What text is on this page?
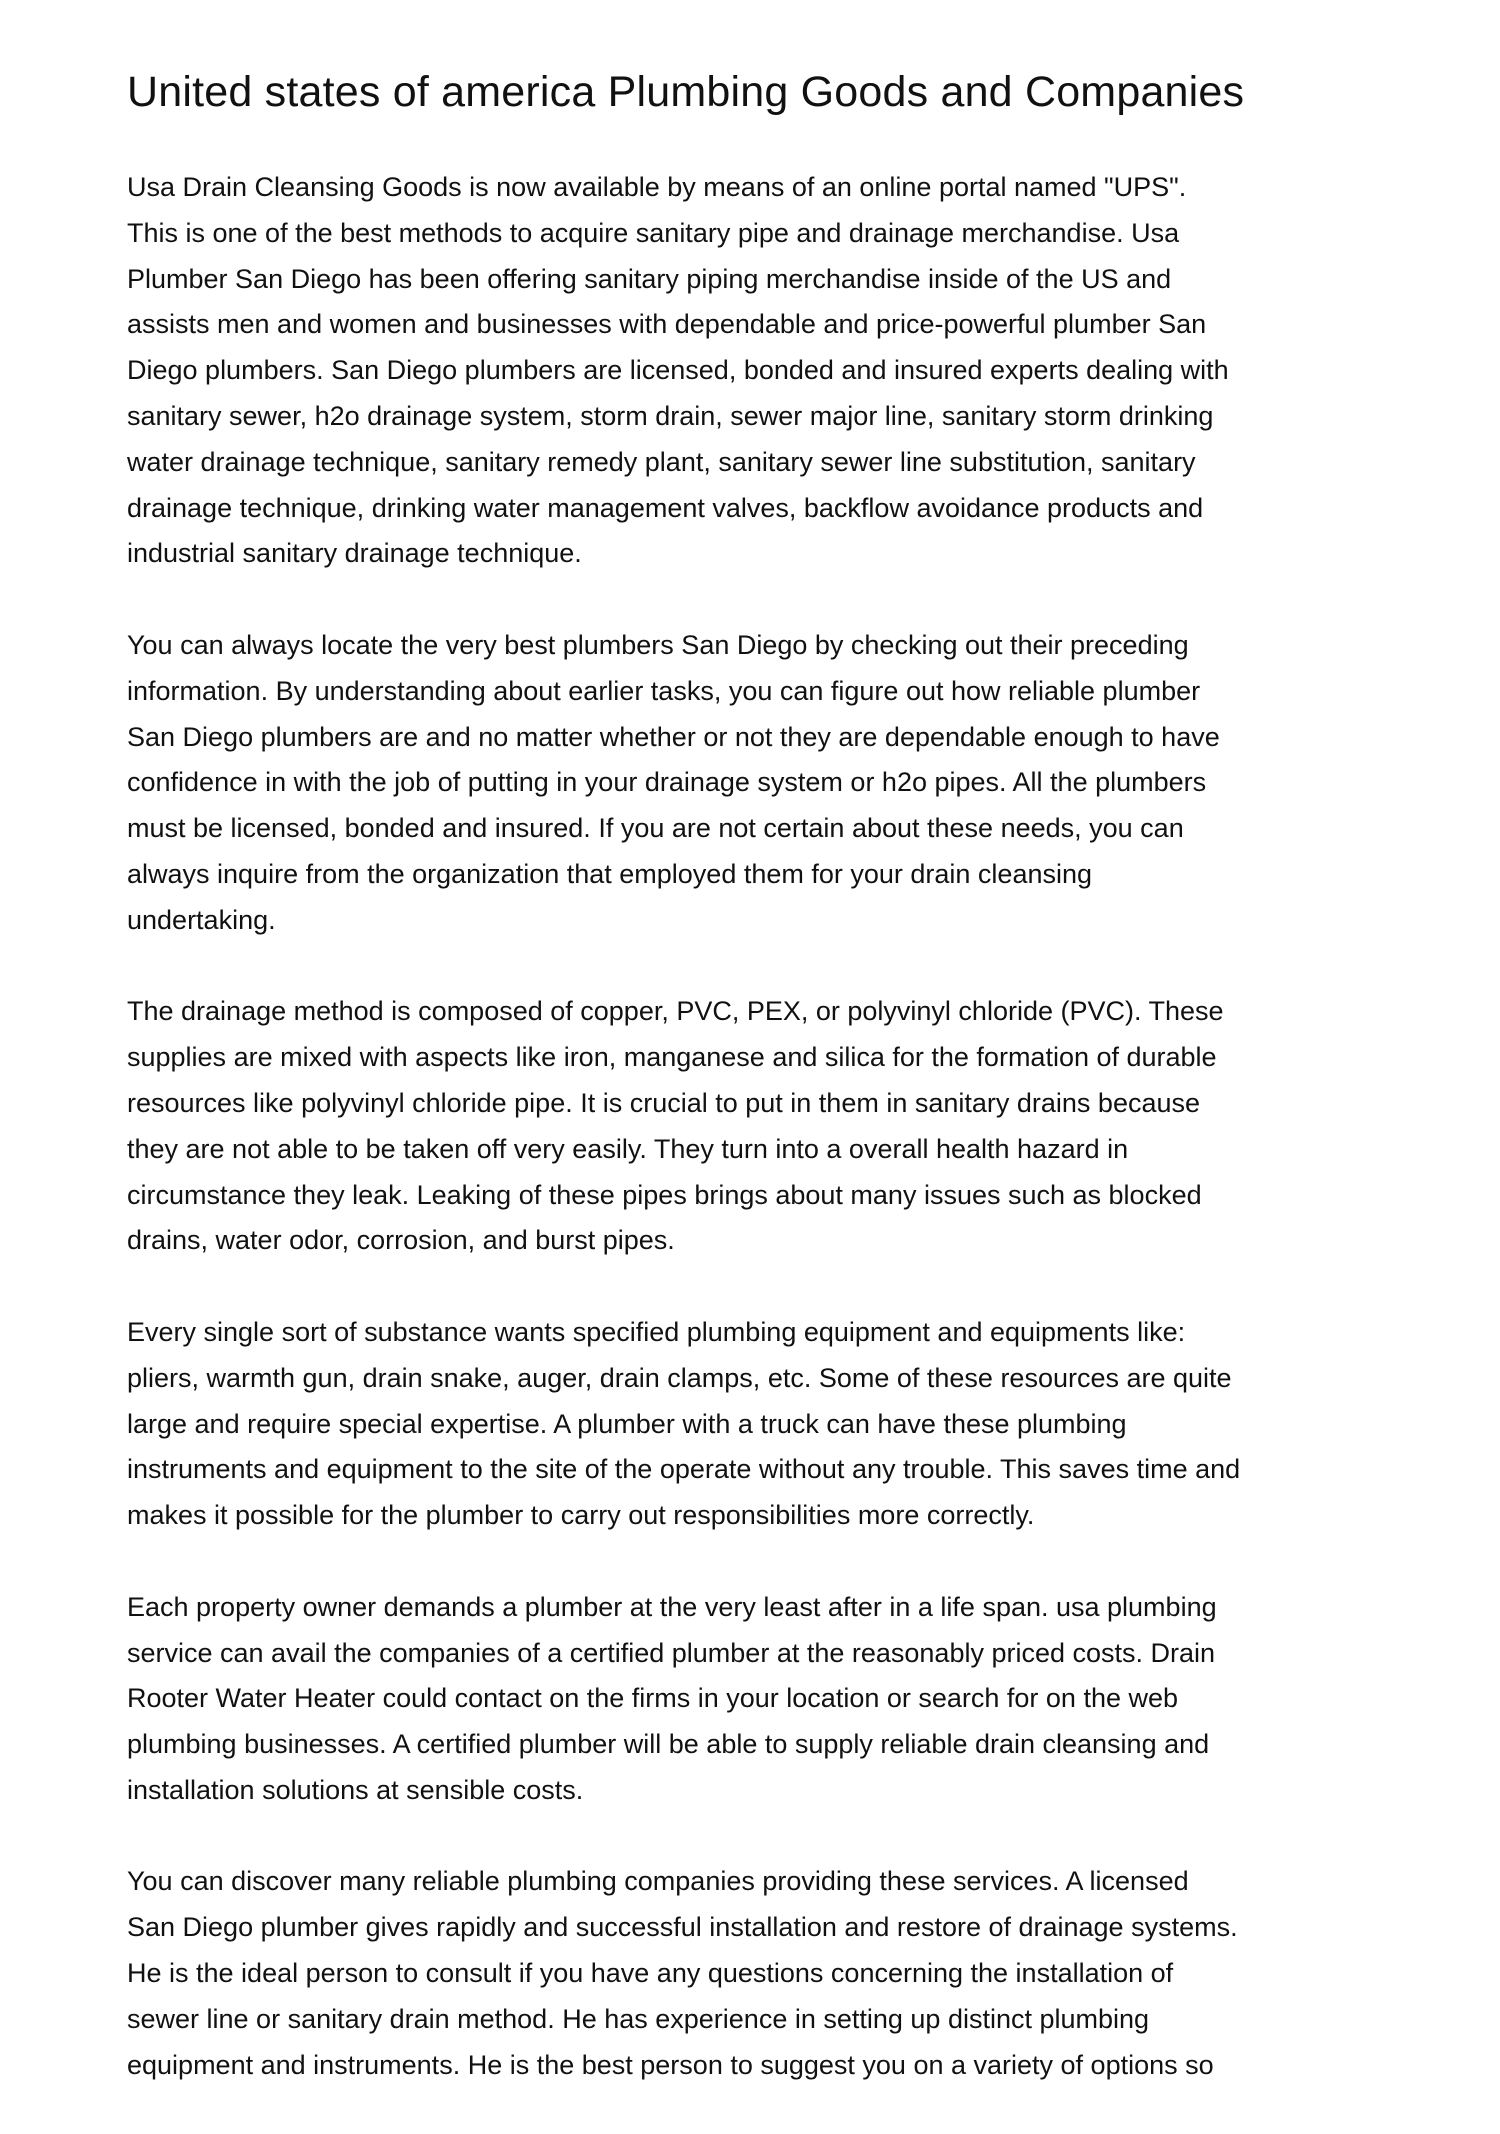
United states of america Plumbing Goods and Companies

Usa Drain Cleansing Goods is now available by means of an online portal named "UPS".
This is one of the best methods to acquire sanitary pipe and drainage merchandise. Usa
Plumber San Diego has been offering sanitary piping merchandise inside of the US and
assists men and women and businesses with dependable and price-powerful plumber San
Diego plumbers. San Diego plumbers are licensed, bonded and insured experts dealing with
sanitary sewer, h2o drainage system, storm drain, sewer major line, sanitary storm drinking
water drainage technique, sanitary remedy plant, sanitary sewer line substitution, sanitary
drainage technique, drinking water management valves, backflow avoidance products and
industrial sanitary drainage technique.

You can always locate the very best plumbers San Diego by checking out their preceding
information. By understanding about earlier tasks, you can figure out how reliable plumber
San Diego plumbers are and no matter whether or not they are dependable enough to have
confidence in with the job of putting in your drainage system or h2o pipes. All the plumbers
must be licensed, bonded and insured. If you are not certain about these needs, you can
always inquire from the organization that employed them for your drain cleansing
undertaking.

The drainage method is composed of copper, PVC, PEX, or polyvinyl chloride (PVC). These
supplies are mixed with aspects like iron, manganese and silica for the formation of durable
resources like polyvinyl chloride pipe. It is crucial to put in them in sanitary drains because
they are not able to be taken off very easily. They turn into a overall health hazard in
circumstance they leak. Leaking of these pipes brings about many issues such as blocked
drains, water odor, corrosion, and burst pipes.

Every single sort of substance wants specified plumbing equipment and equipments like:
pliers, warmth gun, drain snake, auger, drain clamps, etc. Some of these resources are quite
large and require special expertise. A plumber with a truck can have these plumbing
instruments and equipment to the site of the operate without any trouble. This saves time and
makes it possible for the plumber to carry out responsibilities more correctly.

Each property owner demands a plumber at the very least after in a life span. usa plumbing
service can avail the companies of a certified plumber at the reasonably priced costs. Drain
Rooter Water Heater could contact on the firms in your location or search for on the web
plumbing businesses. A certified plumber will be able to supply reliable drain cleansing and
installation solutions at sensible costs.

You can discover many reliable plumbing companies providing these services. A licensed
San Diego plumber gives rapidly and successful installation and restore of drainage systems.
He is the ideal person to consult if you have any questions concerning the installation of
sewer line or sanitary drain method. He has experience in setting up distinct plumbing
equipment and instruments. He is the best person to suggest you on a variety of options so
